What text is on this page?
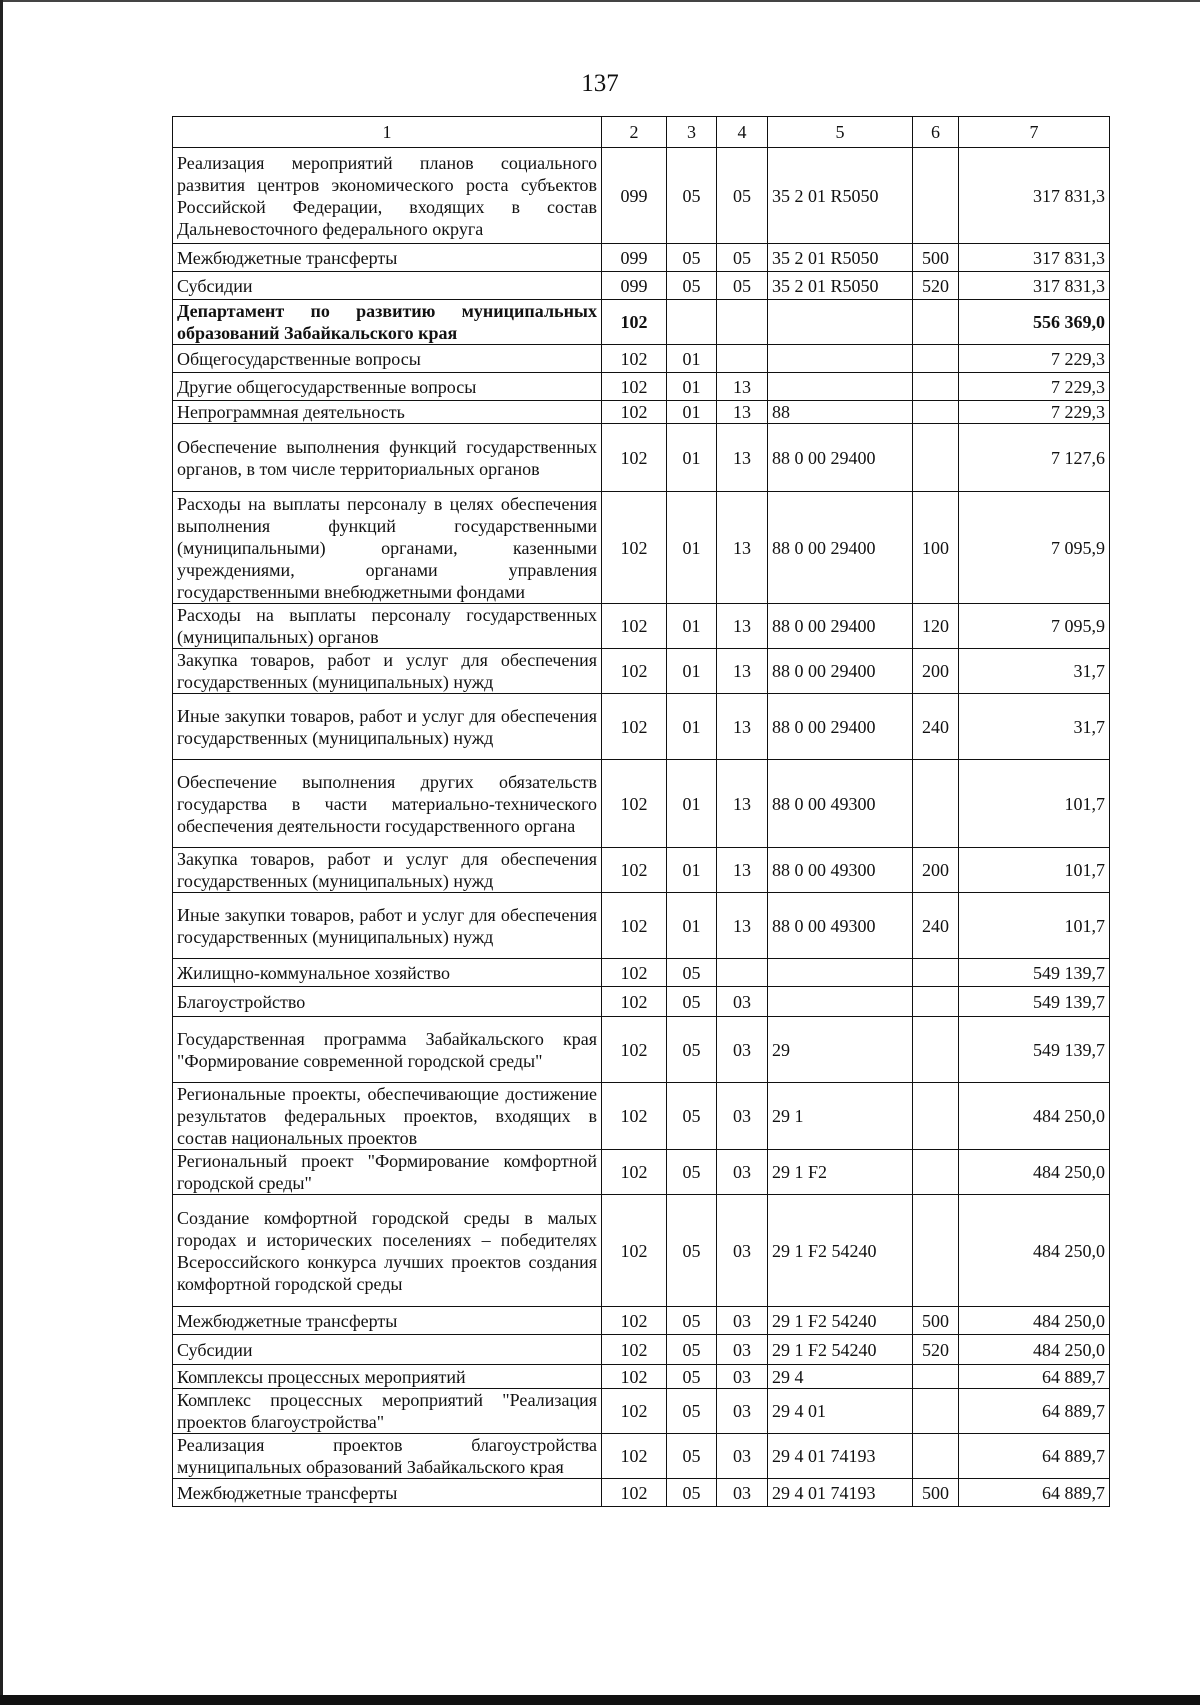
137
1	2	3	4	5	6	7
Реализация мероприятий планов социального развития центров экономического роста субъектов Российской Федерации, входящих в состав Дальневосточного федерального округа	099	05	05	35 2 01 R5050		317 831,3
Межбюджетные трансферты	099	05	05	35 2 01 R5050	500	317 831,3
Субсидии	099	05	05	35 2 01 R5050	520	317 831,3
Департамент по развитию муниципальных образований Забайкальского края	102					556 369,0
Общегосударственные вопросы	102	01				7 229,3
Другие общегосударственные вопросы	102	01	13			7 229,3
Непрограммная деятельность	102	01	13	88		7 229,3
Обеспечение выполнения функций государственных органов, в том числе территориальных органов	102	01	13	88 0 00 29400		7 127,6
Расходы на выплаты персоналу в целях обеспечения выполнения функций государственными (муниципальными) органами, казенными учреждениями, органами управления государственными внебюджетными фондами	102	01	13	88 0 00 29400	100	7 095,9
Расходы на выплаты персоналу государственных (муниципальных) органов	102	01	13	88 0 00 29400	120	7 095,9
Закупка товаров, работ и услуг для обеспечения государственных (муниципальных) нужд	102	01	13	88 0 00 29400	200	31,7
Иные закупки товаров, работ и услуг для обеспечения государственных (муниципальных) нужд	102	01	13	88 0 00 29400	240	31,7
Обеспечение выполнения других обязательств государства в части материально-технического обеспечения деятельности государственного органа	102	01	13	88 0 00 49300		101,7
Закупка товаров, работ и услуг для обеспечения государственных (муниципальных) нужд	102	01	13	88 0 00 49300	200	101,7
Иные закупки товаров, работ и услуг для обеспечения государственных (муниципальных) нужд	102	01	13	88 0 00 49300	240	101,7
Жилищно-коммунальное хозяйство	102	05				549 139,7
Благоустройство	102	05	03			549 139,7
Государственная программа Забайкальского края "Формирование современной городской среды"	102	05	03	29		549 139,7
Региональные проекты, обеспечивающие достижение результатов федеральных проектов, входящих в состав национальных проектов	102	05	03	29 1		484 250,0
Региональный проект "Формирование комфортной городской среды"	102	05	03	29 1 F2		484 250,0
Создание комфортной городской среды в малых городах и исторических поселениях – победителях Всероссийского конкурса лучших проектов создания комфортной городской среды	102	05	03	29 1 F2 54240		484 250,0
Межбюджетные трансферты	102	05	03	29 1 F2 54240	500	484 250,0
Субсидии	102	05	03	29 1 F2 54240	520	484 250,0
Комплексы процессных мероприятий	102	05	03	29 4		64 889,7
Комплекс процессных мероприятий "Реализация проектов благоустройства"	102	05	03	29 4 01		64 889,7
Реализация проектов благоустройства муниципальных образований Забайкальского края	102	05	03	29 4 01 74193		64 889,7
Межбюджетные трансферты	102	05	03	29 4 01 74193	500	64 889,7
